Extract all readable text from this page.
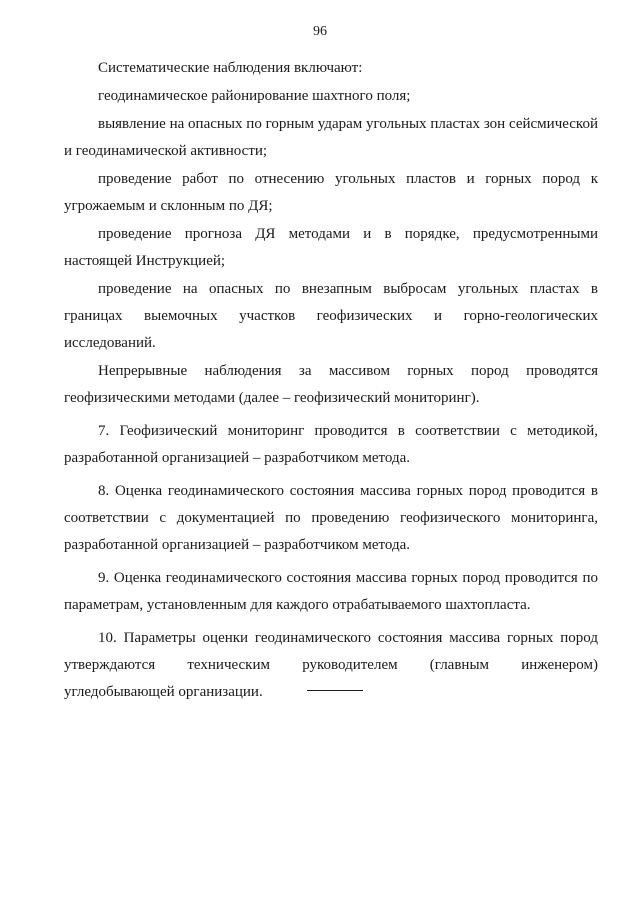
96

Систематические наблюдения включают:

геодинамическое районирование шахтного поля;

выявление на опасных по горным ударам угольных пластах зон сейсмической и геодинамической активности;

проведение работ по отнесению угольных пластов и горных пород к угрожаемым и склонным по ДЯ;

проведение прогноза ДЯ методами и в порядке, предусмотренными настоящей Инструкцией;

проведение на опасных по внезапным выбросам угольных пластах в границах выемочных участков геофизических и горно-геологических исследований.

Непрерывные наблюдения за массивом горных пород проводятся геофизическими методами (далее – геофизический мониторинг).

7. Геофизический мониторинг проводится в соответствии с методикой, разработанной организацией – разработчиком метода.

8. Оценка геодинамического состояния массива горных пород проводится в соответствии с документацией по проведению геофизического мониторинга, разработанной организацией – разработчиком метода.

9. Оценка геодинамического состояния массива горных пород проводится по параметрам, установленным для каждого отрабатываемого шахтопласта.

10. Параметры оценки геодинамического состояния массива горных пород утверждаются техническим руководителем (главным инженером) угледобывающей организации.
